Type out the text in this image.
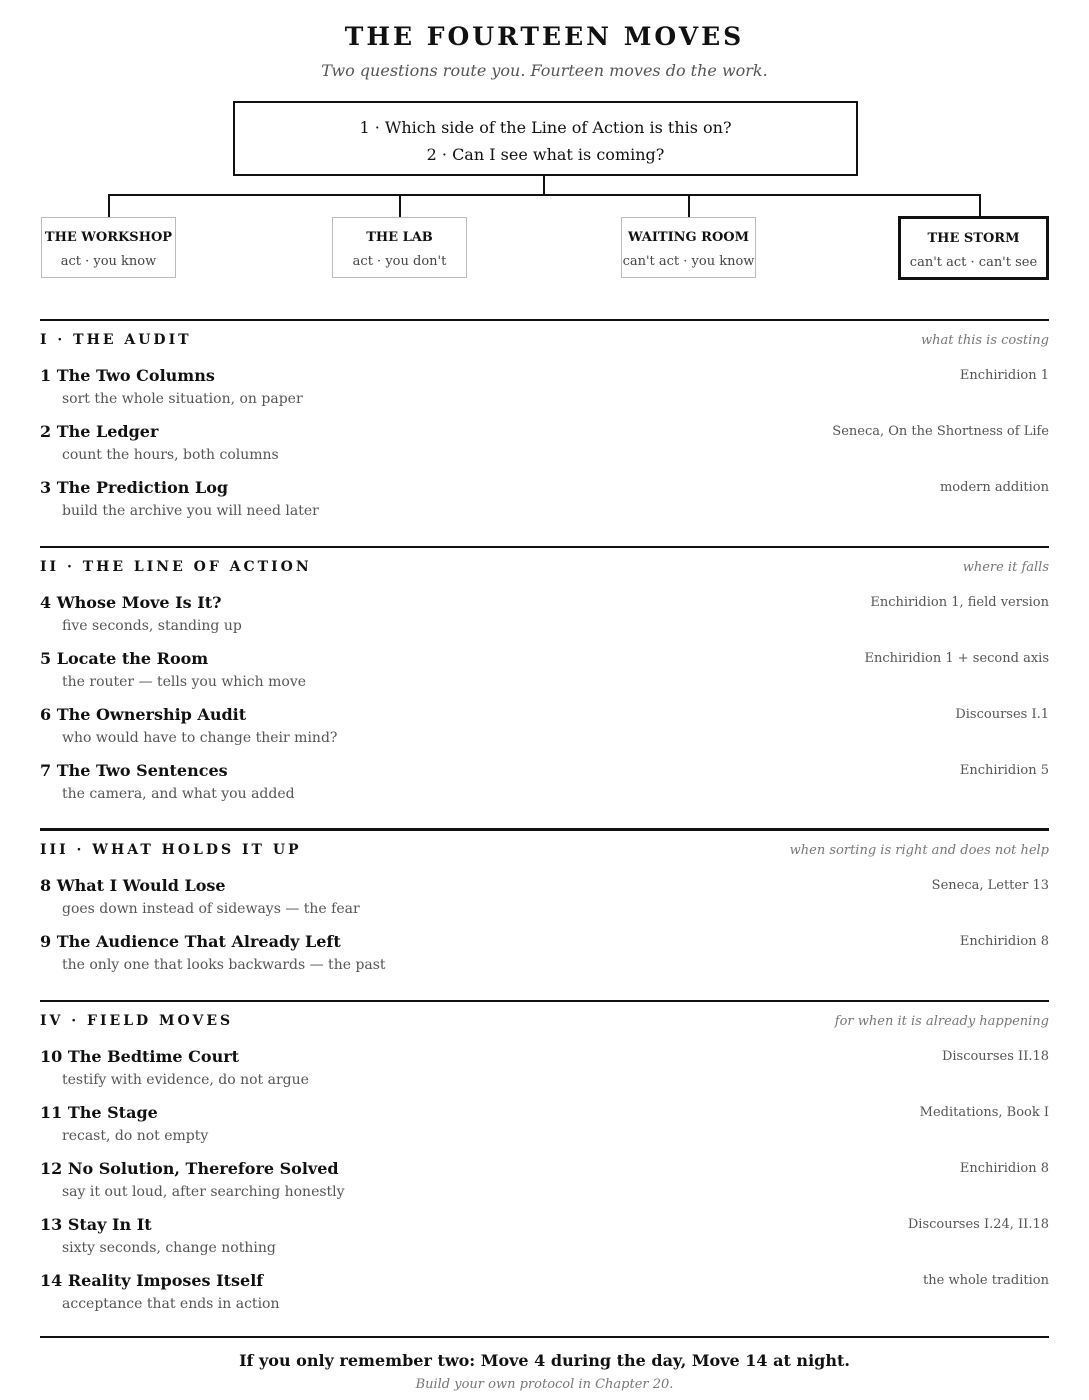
THE FOURTEEN MOVES
Two questions route you. Fourteen moves do the work.
1 · Which side of the Line of Action is this on?
2 · Can I see what is coming?
THE WORKSHOP
act · you know
THE LAB
act · you don't
WAITING ROOM
can't act · you know
THE STORM
can't act · can't see
I · THE AUDIT	what this is costing
1 The Two Columns
sort the whole situation, on paper
Enchiridion 1
2 The Ledger
count the hours, both columns
Seneca, On the Shortness of Life
3 The Prediction Log
build the archive you will need later
modern addition
II · THE LINE OF ACTION	where it falls
4 Whose Move Is It?
five seconds, standing up
Enchiridion 1, field version
5 Locate the Room
the router — tells you which move
Enchiridion 1 + second axis
6 The Ownership Audit
who would have to change their mind?
Discourses I.1
7 The Two Sentences
the camera, and what you added
Enchiridion 5
III · WHAT HOLDS IT UP	when sorting is right and does not help
8 What I Would Lose
goes down instead of sideways — the fear
Seneca, Letter 13
9 The Audience That Already Left
the only one that looks backwards — the past
Enchiridion 8
IV · FIELD MOVES	for when it is already happening
10 The Bedtime Court
testify with evidence, do not argue
Discourses II.18
11 The Stage
recast, do not empty
Meditations, Book I
12 No Solution, Therefore Solved
say it out loud, after searching honestly
Enchiridion 8
13 Stay In It
sixty seconds, change nothing
Discourses I.24, II.18
14 Reality Imposes Itself
acceptance that ends in action
the whole tradition
If you only remember two: Move 4 during the day, Move 14 at night.
Build your own protocol in Chapter 20.
